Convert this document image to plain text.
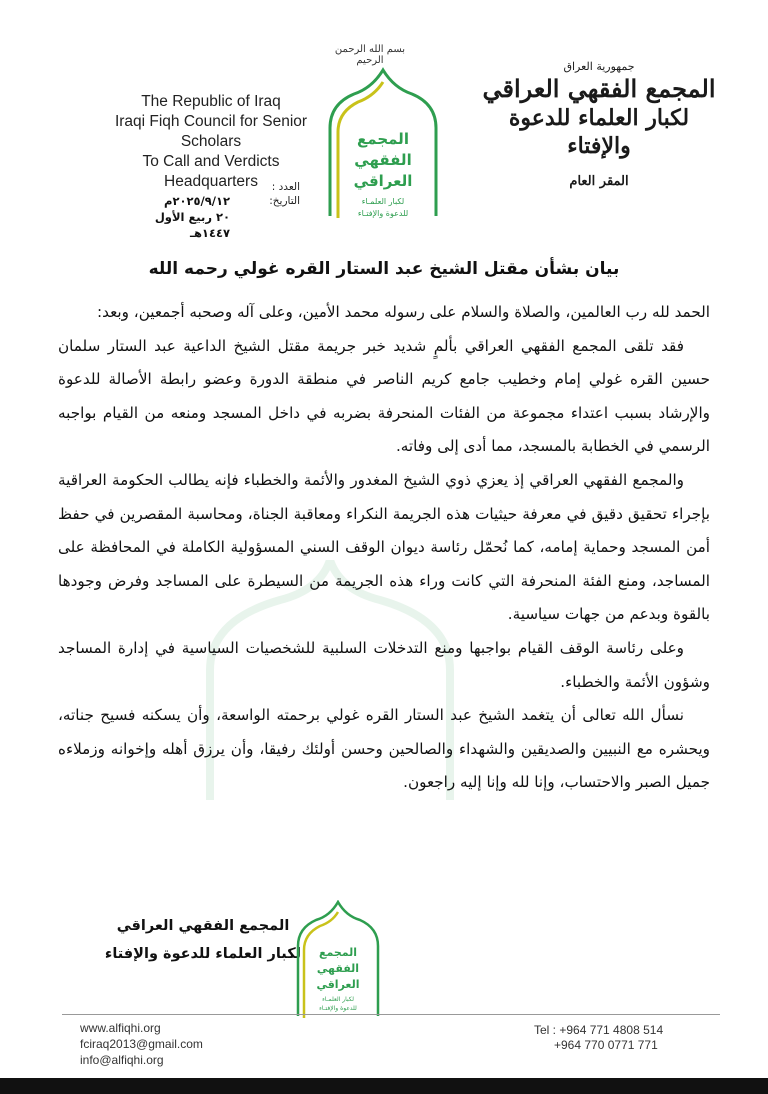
The Republic of Iraq
Iraqi Fiqh Council for Senior Scholars
To Call and Verdicts
Headquarters
بسم الله الرحمن الرحيم
المجمع
الفقهي
العراقي
لكبار العلمـاء
للدعوة والإفتـاء
جمهورية العراق
المجمع الفقهي العراقي
لكبار العلماء للدعوة والإفتاء
المقر العام
العدد :
التاريخ:
٢٠٢٥/٩/١٢م
٢٠ ربيع الأول ١٤٤٧هـ
بيان بشأن مقتل الشيخ عبد الستار القره غولي رحمه الله

الحمد لله رب العالمين، والصلاة والسلام على رسوله محمد الأمين، وعلى آله وصحبه أجمعين، وبعد:

فقد تلقى المجمع الفقهي العراقي بألمٍ شديد خبر جريمة مقتل الشيخ الداعية عبد الستار سلمان حسين القره غولي إمام وخطيب جامع كريم الناصر في منطقة الدورة وعضو رابطة الأصالة للدعوة والإرشاد بسبب اعتداء مجموعة من الفئات المنحرفة بضربه في داخل المسجد ومنعه من القيام بواجبه الرسمي في الخطابة بالمسجد، مما أدى إلى وفاته.

والمجمع الفقهي العراقي إذ يعزي ذوي الشيخ المغدور والأئمة والخطباء فإنه يطالب الحكومة العراقية بإجراء تحقيق دقيق في معرفة حيثيات هذه الجريمة النكراء ومعاقبة الجناة، ومحاسبة المقصرين في حفظ أمن المسجد وحماية إمامه، كما نُحمّل رئاسة ديوان الوقف السني المسؤولية الكاملة في المحافظة على المساجد، ومنع الفئة المنحرفة التي كانت وراء هذه الجريمة من السيطرة على المساجد وفرض وجودها بالقوة وبدعم من جهات سياسية.

وعلى رئاسة الوقف القيام بواجبها ومنع التدخلات السلبية للشخصيات السياسية في إدارة المساجد وشؤون الأئمة والخطباء.

نسأل الله تعالى أن يتغمد الشيخ عبد الستار القره غولي برحمته الواسعة، وأن يسكنه فسيح جناته، ويحشره مع النبيين والصديقين والشهداء والصالحين وحسن أولئك رفيقا، وأن يرزق أهله وإخوانه وزملاءه جميل الصبر والاحتساب، وإنا لله وإنا إليه راجعون.

المجمع الفقهي العراقي
لكبار العلماء للدعوة والإفتاء	المجمع
الفقهي
العراقي
لكبار العلمـاء
للدعوة والإفتـاء
www.alfiqhi.org
fciraq2013@gmail.com
info@alfiqhi.org
Tel : +964 771 4808 514
+964 770 0771 771
